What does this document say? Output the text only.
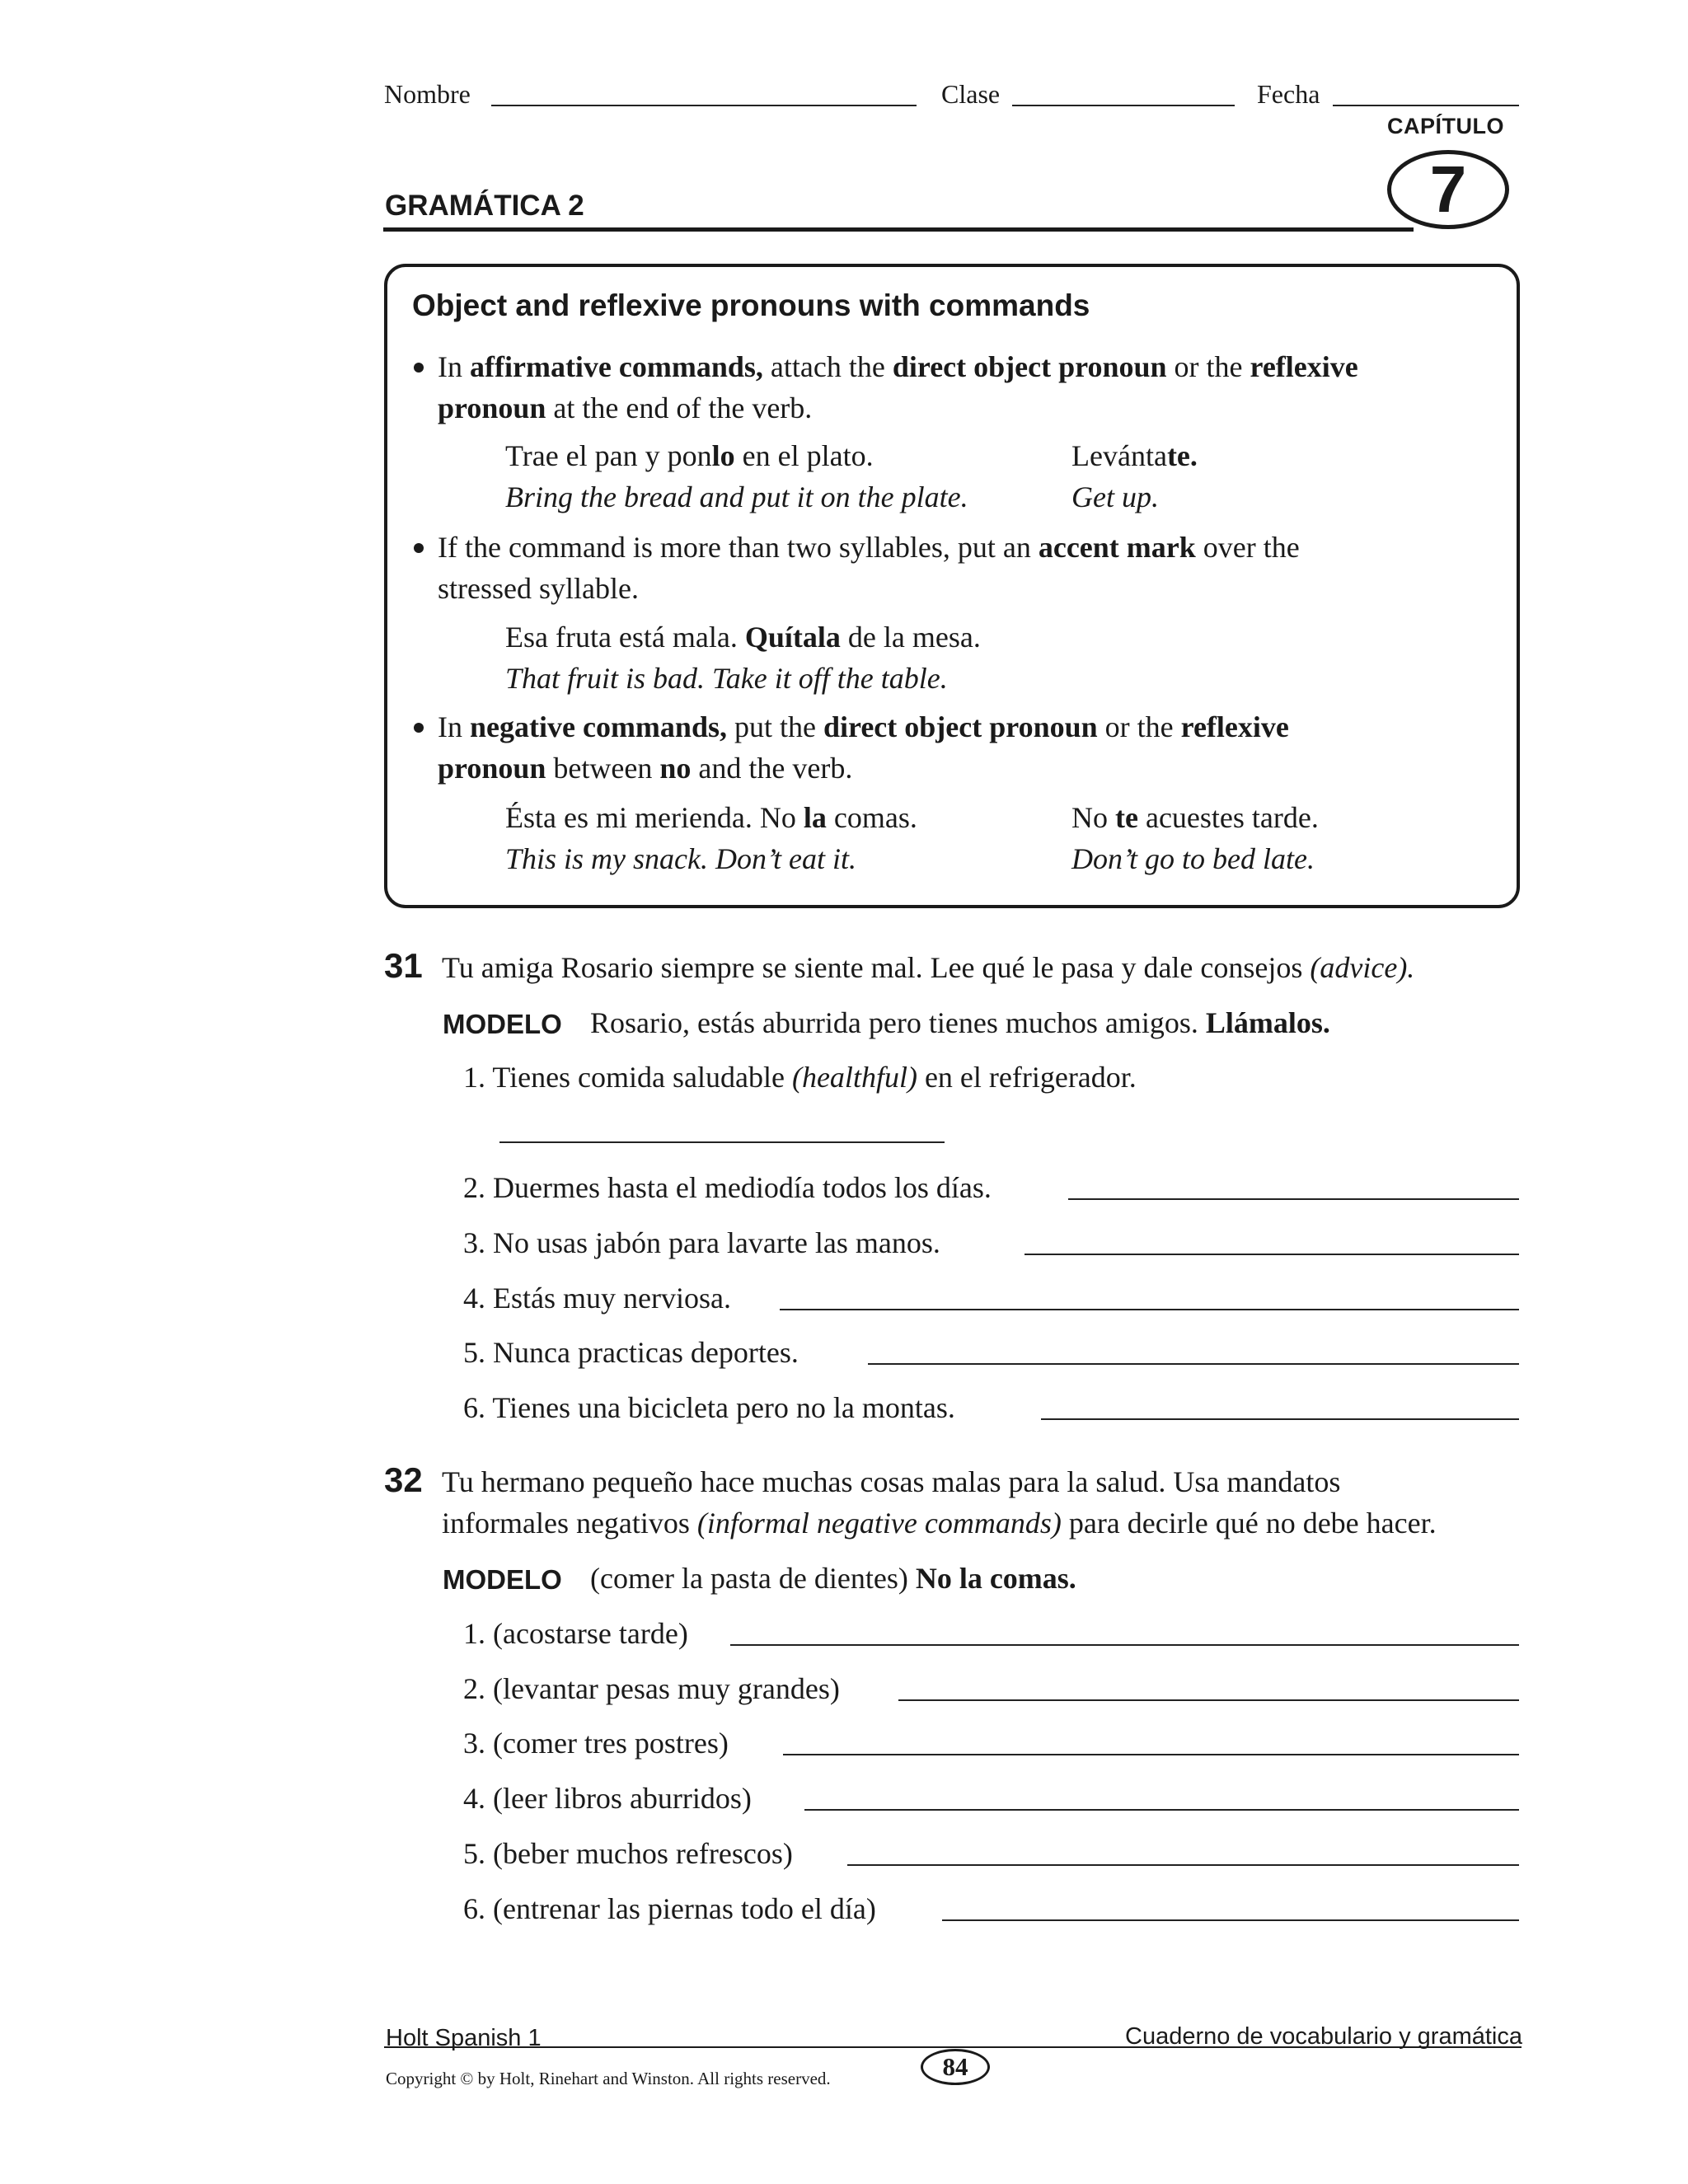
Nombre	Clase	Fecha
CAPÍTULO
7
GRAMÁTICA 2
Object and reflexive pronouns with commands
In affirmative commands, attach the direct object pronoun or the reflexive
pronoun at the end of the verb.
Trae el pan y ponlo en el plato.
Bring the bread and put it on the plate.
Levántate.
Get up.
If the command is more than two syllables, put an accent mark over the
stressed syllable.
Esa fruta está mala. Quítala de la mesa.
That fruit is bad. Take it off the table.
In negative commands, put the direct object pronoun or the reflexive
pronoun between no and the verb.
Ésta es mi merienda. No la comas.
This is my snack. Don’t eat it.
No te acuestes tarde.
Don’t go to bed late.
31 Tu amiga Rosario siempre se siente mal. Lee qué le pasa y dale consejos (advice).
MODELO Rosario, estás aburrida pero tienes muchos amigos. Llámalos.
1. Tienes comida saludable (healthful) en el refrigerador.
2. Duermes hasta el mediodía todos los días.
3. No usas jabón para lavarte las manos.
4. Estás muy nerviosa.
5. Nunca practicas deportes.
6. Tienes una bicicleta pero no la montas.
32 Tu hermano pequeño hace muchas cosas malas para la salud. Usa mandatos
informales negativos (informal negative commands) para decirle qué no debe hacer.
MODELO (comer la pasta de dientes) No la comas.
1. (acostarse tarde)
2. (levantar pesas muy grandes)
3. (comer tres postres)
4. (leer libros aburridos)
5. (beber muchos refrescos)
6. (entrenar las piernas todo el día)
Holt Spanish 1	Cuaderno de vocabulario y gramática
Copyright © by Holt, Rinehart and Winston. All rights reserved.	84
